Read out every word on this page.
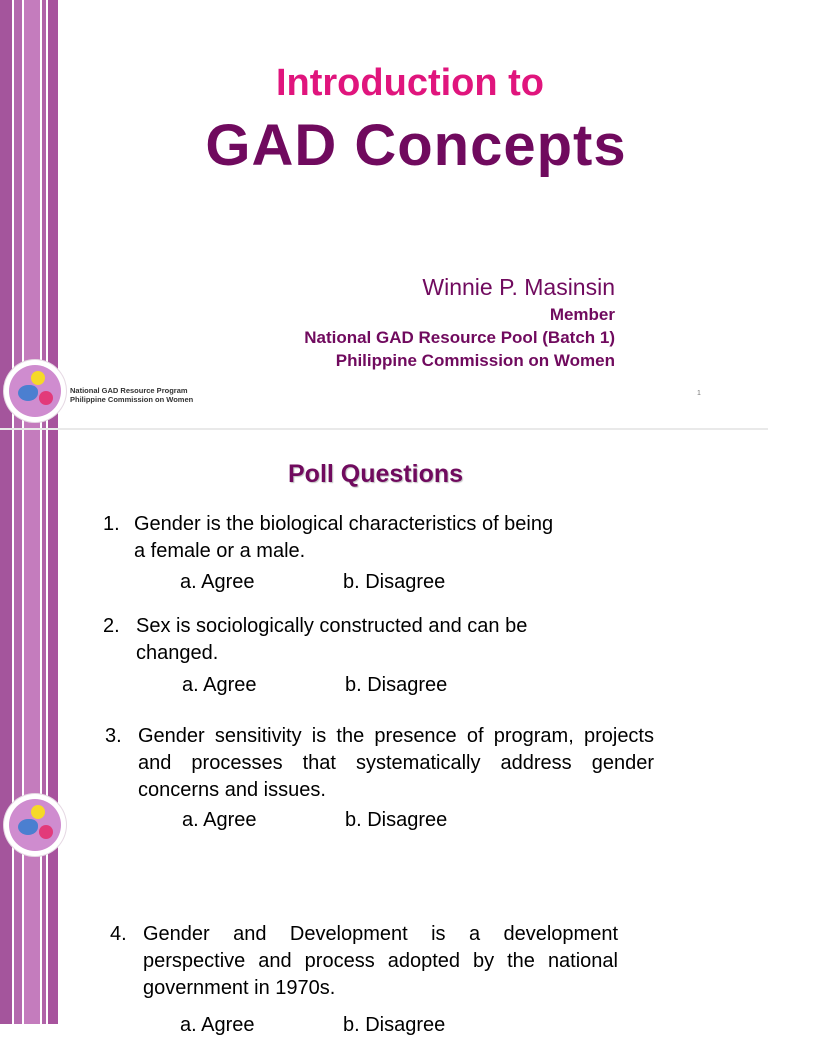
Introduction to
GAD Concepts
Winnie P. Masinsin
Member
National GAD Resource Pool (Batch 1)
Philippine Commission on Women
National GAD Resource Program
Philippine Commission on Women
1
Poll Questions
1. Gender is the biological characteristics of being a female or a male.
a. Agree	b. Disagree
2. Sex is sociologically constructed and can be changed.
a. Agree	b. Disagree
3. Gender sensitivity is the presence of program, projects and processes that systematically address gender concerns and issues.
a. Agree	b. Disagree
4. Gender and Development is a development perspective and process adopted by the national government in 1970s.
a. Agree	b. Disagree
